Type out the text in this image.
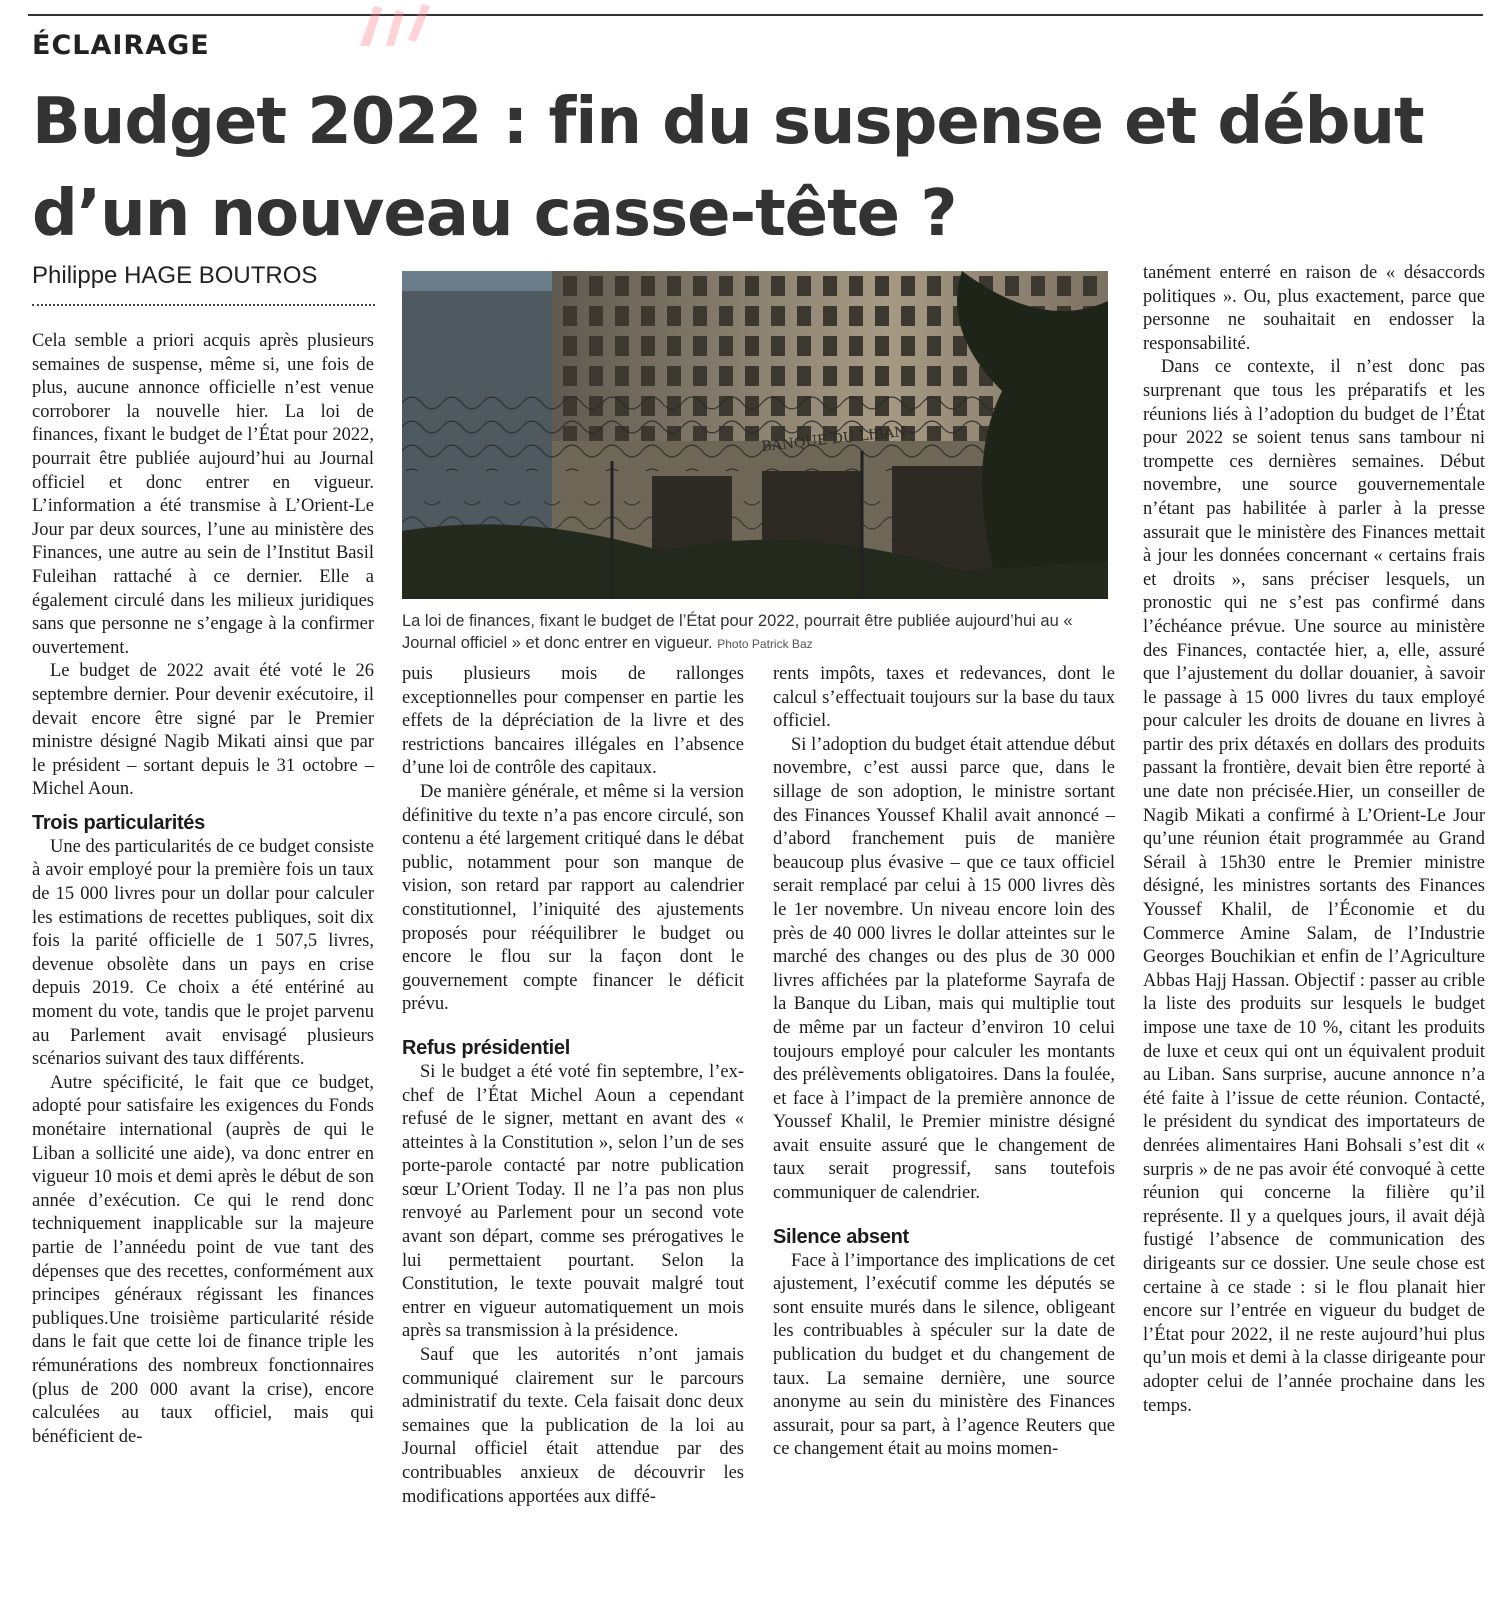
ÉCLAIRAGE
Budget 2022 : fin du suspense et début d’un nouveau casse-tête ?
Philippe HAGE BOUTROS

Cela semble a priori acquis après plusieurs semaines de suspense, même si, une fois de plus, aucune annonce officielle n’est venue corroborer la nouvelle hier. La loi de finances, fixant le budget de l’État pour 2022, pourrait être publiée aujourd’hui au Journal officiel et donc entrer en vigueur. L’information a été transmise à L’Orient-Le Jour par deux sources, l’une au ministère des Finances, une autre au sein de l’Institut Basil Fuleihan rattaché à ce dernier. Elle a également circulé dans les milieux juridiques sans que personne ne s’engage à la confirmer ouvertement.

Le budget de 2022 avait été voté le 26 septembre dernier. Pour devenir exécutoire, il devait encore être signé par le Premier ministre désigné Nagib Mikati ainsi que par le président – sortant depuis le 31 octobre – Michel Aoun.

Trois particularités

Une des particularités de ce budget consiste à avoir employé pour la première fois un taux de 15 000 livres pour un dollar pour calculer les estimations de recettes publiques, soit dix fois la parité officielle de 1 507,5 livres, devenue obsolète dans un pays en crise depuis 2019. Ce choix a été entériné au moment du vote, tandis que le projet parvenu au Parlement avait envisagé plusieurs scénarios suivant des taux différents.

Autre spécificité, le fait que ce budget, adopté pour satisfaire les exigences du Fonds monétaire international (auprès de qui le Liban a sollicité une aide), va donc entrer en vigueur 10 mois et demi après le début de son année d’exécution. Ce qui le rend donc techniquement inapplicable sur la majeure partie de l’annéedu point de vue tant des dépenses que des recettes, conformément aux principes généraux régissant les finances publiques.Une troisième particularité réside dans le fait que cette loi de finance triple les rémunérations des nombreux fonctionnaires (plus de 200 000 avant la crise), encore calculées au taux officiel, mais qui bénéficient de-

La loi de finances, fixant le budget de l’État pour 2022, pourrait être publiée aujourd’hui au « Journal officiel » et donc entrer en vigueur. Photo Patrick Baz

puis plusieurs mois de rallonges exceptionnelles pour compenser en partie les effets de la dépréciation de la livre et des restrictions bancaires illégales en l’absence d’une loi de contrôle des capitaux.

De manière générale, et même si la version définitive du texte n’a pas encore circulé, son contenu a été largement critiqué dans le débat public, notamment pour son manque de vision, son retard par rapport au calendrier constitutionnel, l’iniquité des ajustements proposés pour rééquilibrer le budget ou encore le flou sur la façon dont le gouvernement compte financer le déficit prévu.

Refus présidentiel

Si le budget a été voté fin septembre, l’ex-chef de l’État Michel Aoun a cependant refusé de le signer, mettant en avant des « atteintes à la Constitution », selon l’un de ses porte-parole contacté par notre publication sœur L’Orient Today. Il ne l’a pas non plus renvoyé au Parlement pour un second vote avant son départ, comme ses prérogatives le lui permettaient pourtant. Selon la Constitution, le texte pouvait malgré tout entrer en vigueur automatiquement un mois après sa transmission à la présidence.

Sauf que les autorités n’ont jamais communiqué clairement sur le parcours administratif du texte. Cela faisait donc deux semaines que la publication de la loi au Journal officiel était attendue par des contribuables anxieux de découvrir les modifications apportées aux diffé-

rents impôts, taxes et redevances, dont le calcul s’effectuait toujours sur la base du taux officiel.

Si l’adoption du budget était attendue début novembre, c’est aussi parce que, dans le sillage de son adoption, le ministre sortant des Finances Youssef Khalil avait annoncé – d’abord franchement puis de manière beaucoup plus évasive – que ce taux officiel serait remplacé par celui à 15 000 livres dès le 1er novembre. Un niveau encore loin des près de 40 000 livres le dollar atteintes sur le marché des changes ou des plus de 30 000 livres affichées par la plateforme Sayrafa de la Banque du Liban, mais qui multiplie tout de même par un facteur d’environ 10 celui toujours employé pour calculer les montants des prélèvements obligatoires. Dans la foulée, et face à l’impact de la première annonce de Youssef Khalil, le Premier ministre désigné avait ensuite assuré que le changement de taux serait progressif, sans toutefois communiquer de calendrier.

Silence absent

Face à l’importance des implications de cet ajustement, l’exécutif comme les députés se sont ensuite murés dans le silence, obligeant les contribuables à spéculer sur la date de publication du budget et du changement de taux. La semaine dernière, une source anonyme au sein du ministère des Finances assurait, pour sa part, à l’agence Reuters que ce changement était au moins momen-

tanément enterré en raison de « désaccords politiques ». Ou, plus exactement, parce que personne ne souhaitait en endosser la responsabilité.

Dans ce contexte, il n’est donc pas surprenant que tous les préparatifs et les réunions liés à l’adoption du budget de l’État pour 2022 se soient tenus sans tambour ni trompette ces dernières semaines. Début novembre, une source gouvernementale n’étant pas habilitée à parler à la presse assurait que le ministère des Finances mettait à jour les données concernant « certains frais et droits », sans préciser lesquels, un pronostic qui ne s’est pas confirmé dans l’échéance prévue. Une source au ministère des Finances, contactée hier, a, elle, assuré que l’ajustement du dollar douanier, à savoir le passage à 15 000 livres du taux employé pour calculer les droits de douane en livres à partir des prix détaxés en dollars des produits passant la frontière, devait bien être reporté à une date non précisée.Hier, un conseiller de Nagib Mikati a confirmé à L’Orient-Le Jour qu’une réunion était programmée au Grand Sérail à 15h30 entre le Premier ministre désigné, les ministres sortants des Finances Youssef Khalil, de l’Économie et du Commerce Amine Salam, de l’Industrie Georges Bouchikian et enfin de l’Agriculture Abbas Hajj Hassan. Objectif : passer au crible la liste des produits sur lesquels le budget impose une taxe de 10 %, citant les produits de luxe et ceux qui ont un équivalent produit au Liban. Sans surprise, aucune annonce n’a été faite à l’issue de cette réunion. Contacté, le président du syndicat des importateurs de denrées alimentaires Hani Bohsali s’est dit « surpris » de ne pas avoir été convoqué à cette réunion qui concerne la filière qu’il représente. Il y a quelques jours, il avait déjà fustigé l’absence de communication des dirigeants sur ce dossier. Une seule chose est certaine à ce stade : si le flou planait hier encore sur l’entrée en vigueur du budget de l’État pour 2022, il ne reste aujourd’hui plus qu’un mois et demi à la classe dirigeante pour adopter celui de l’année prochaine dans les temps.
